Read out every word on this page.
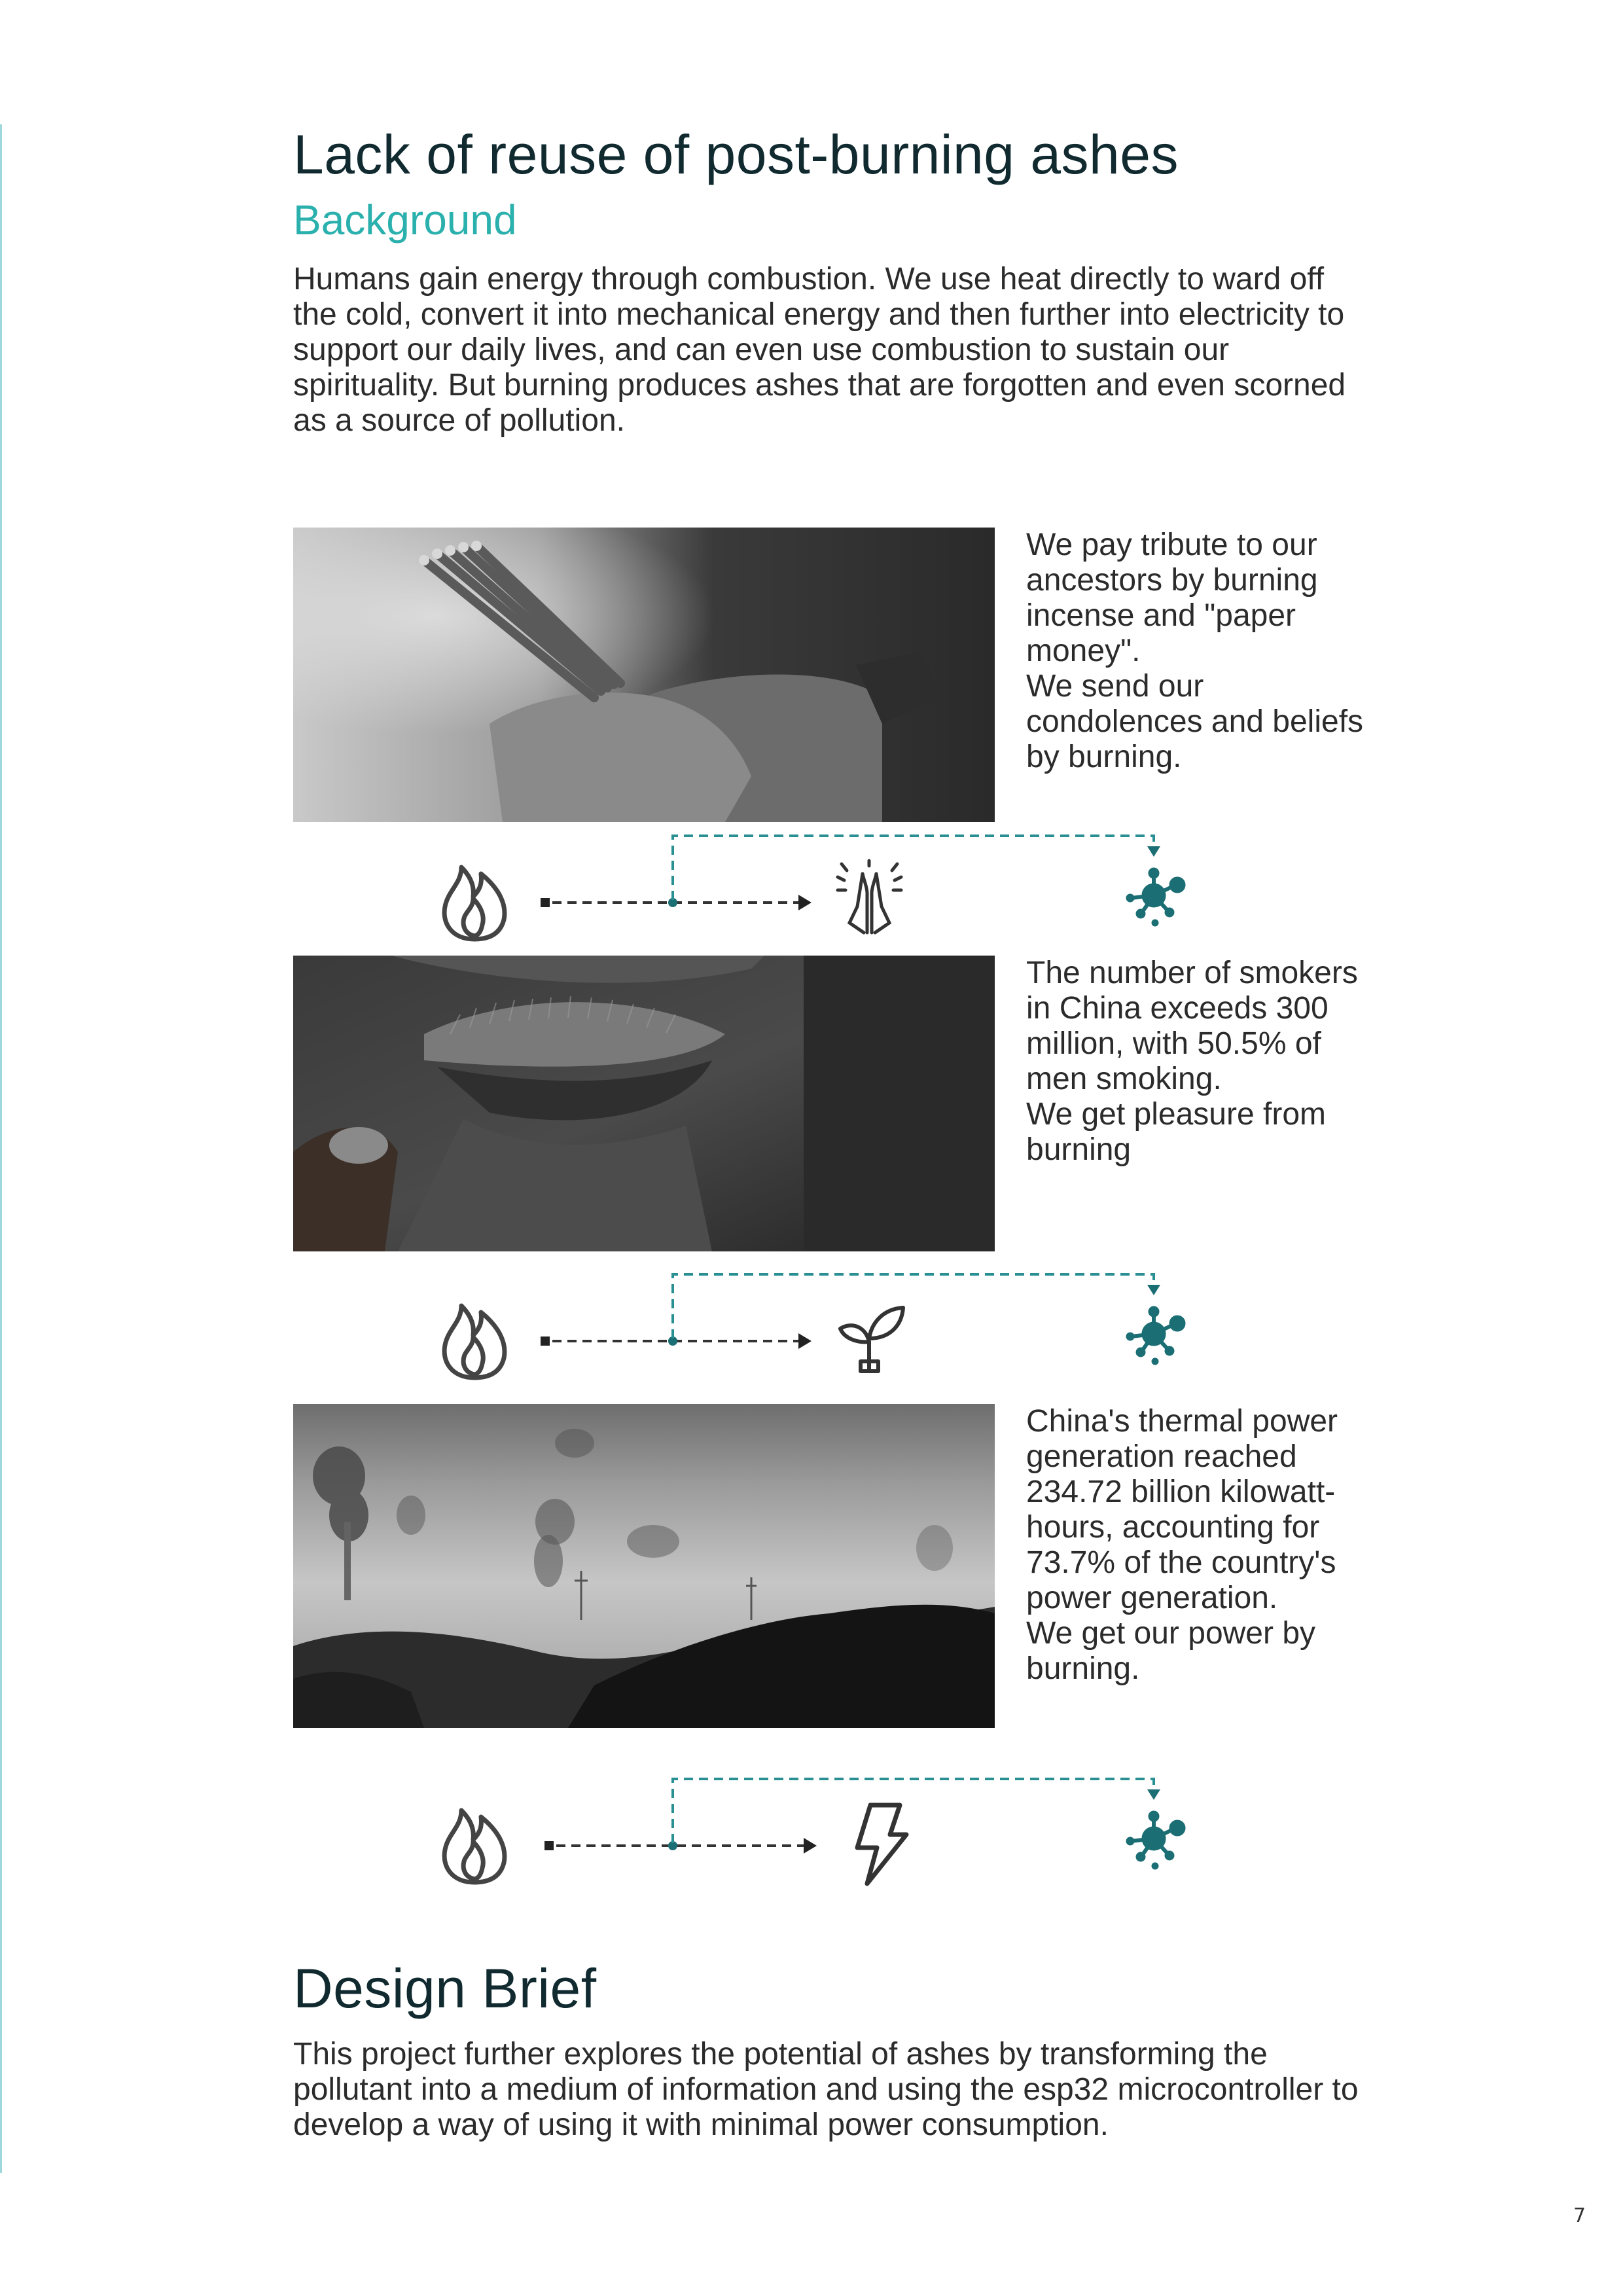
Lack of reuse of post-burning ashes
Background
Humans gain energy through combustion. We use heat directly to ward off the cold, convert it into mechanical energy and then further into electricity to support our daily lives, and can even use combustion to sustain our spirituality. But burning produces ashes that are forgotten and even scorned as a source of pollution.

We pay tribute to our ancestors by burning incense and "paper money".

We send our condolences and beliefs by burning.

The number of smokers in China exceeds 300 million, with 50.5% of men smoking.

We get pleasure from burning

China's thermal power generation reached 234.72 billion kilowatt-hours, accounting for 73.7% of the country's power generation.

We get our power by burning.

Design Brief
This project further explores the potential of ashes by transforming the pollutant into a medium of information and using the esp32 microcontroller to develop a way of using it with minimal power consumption.
7
